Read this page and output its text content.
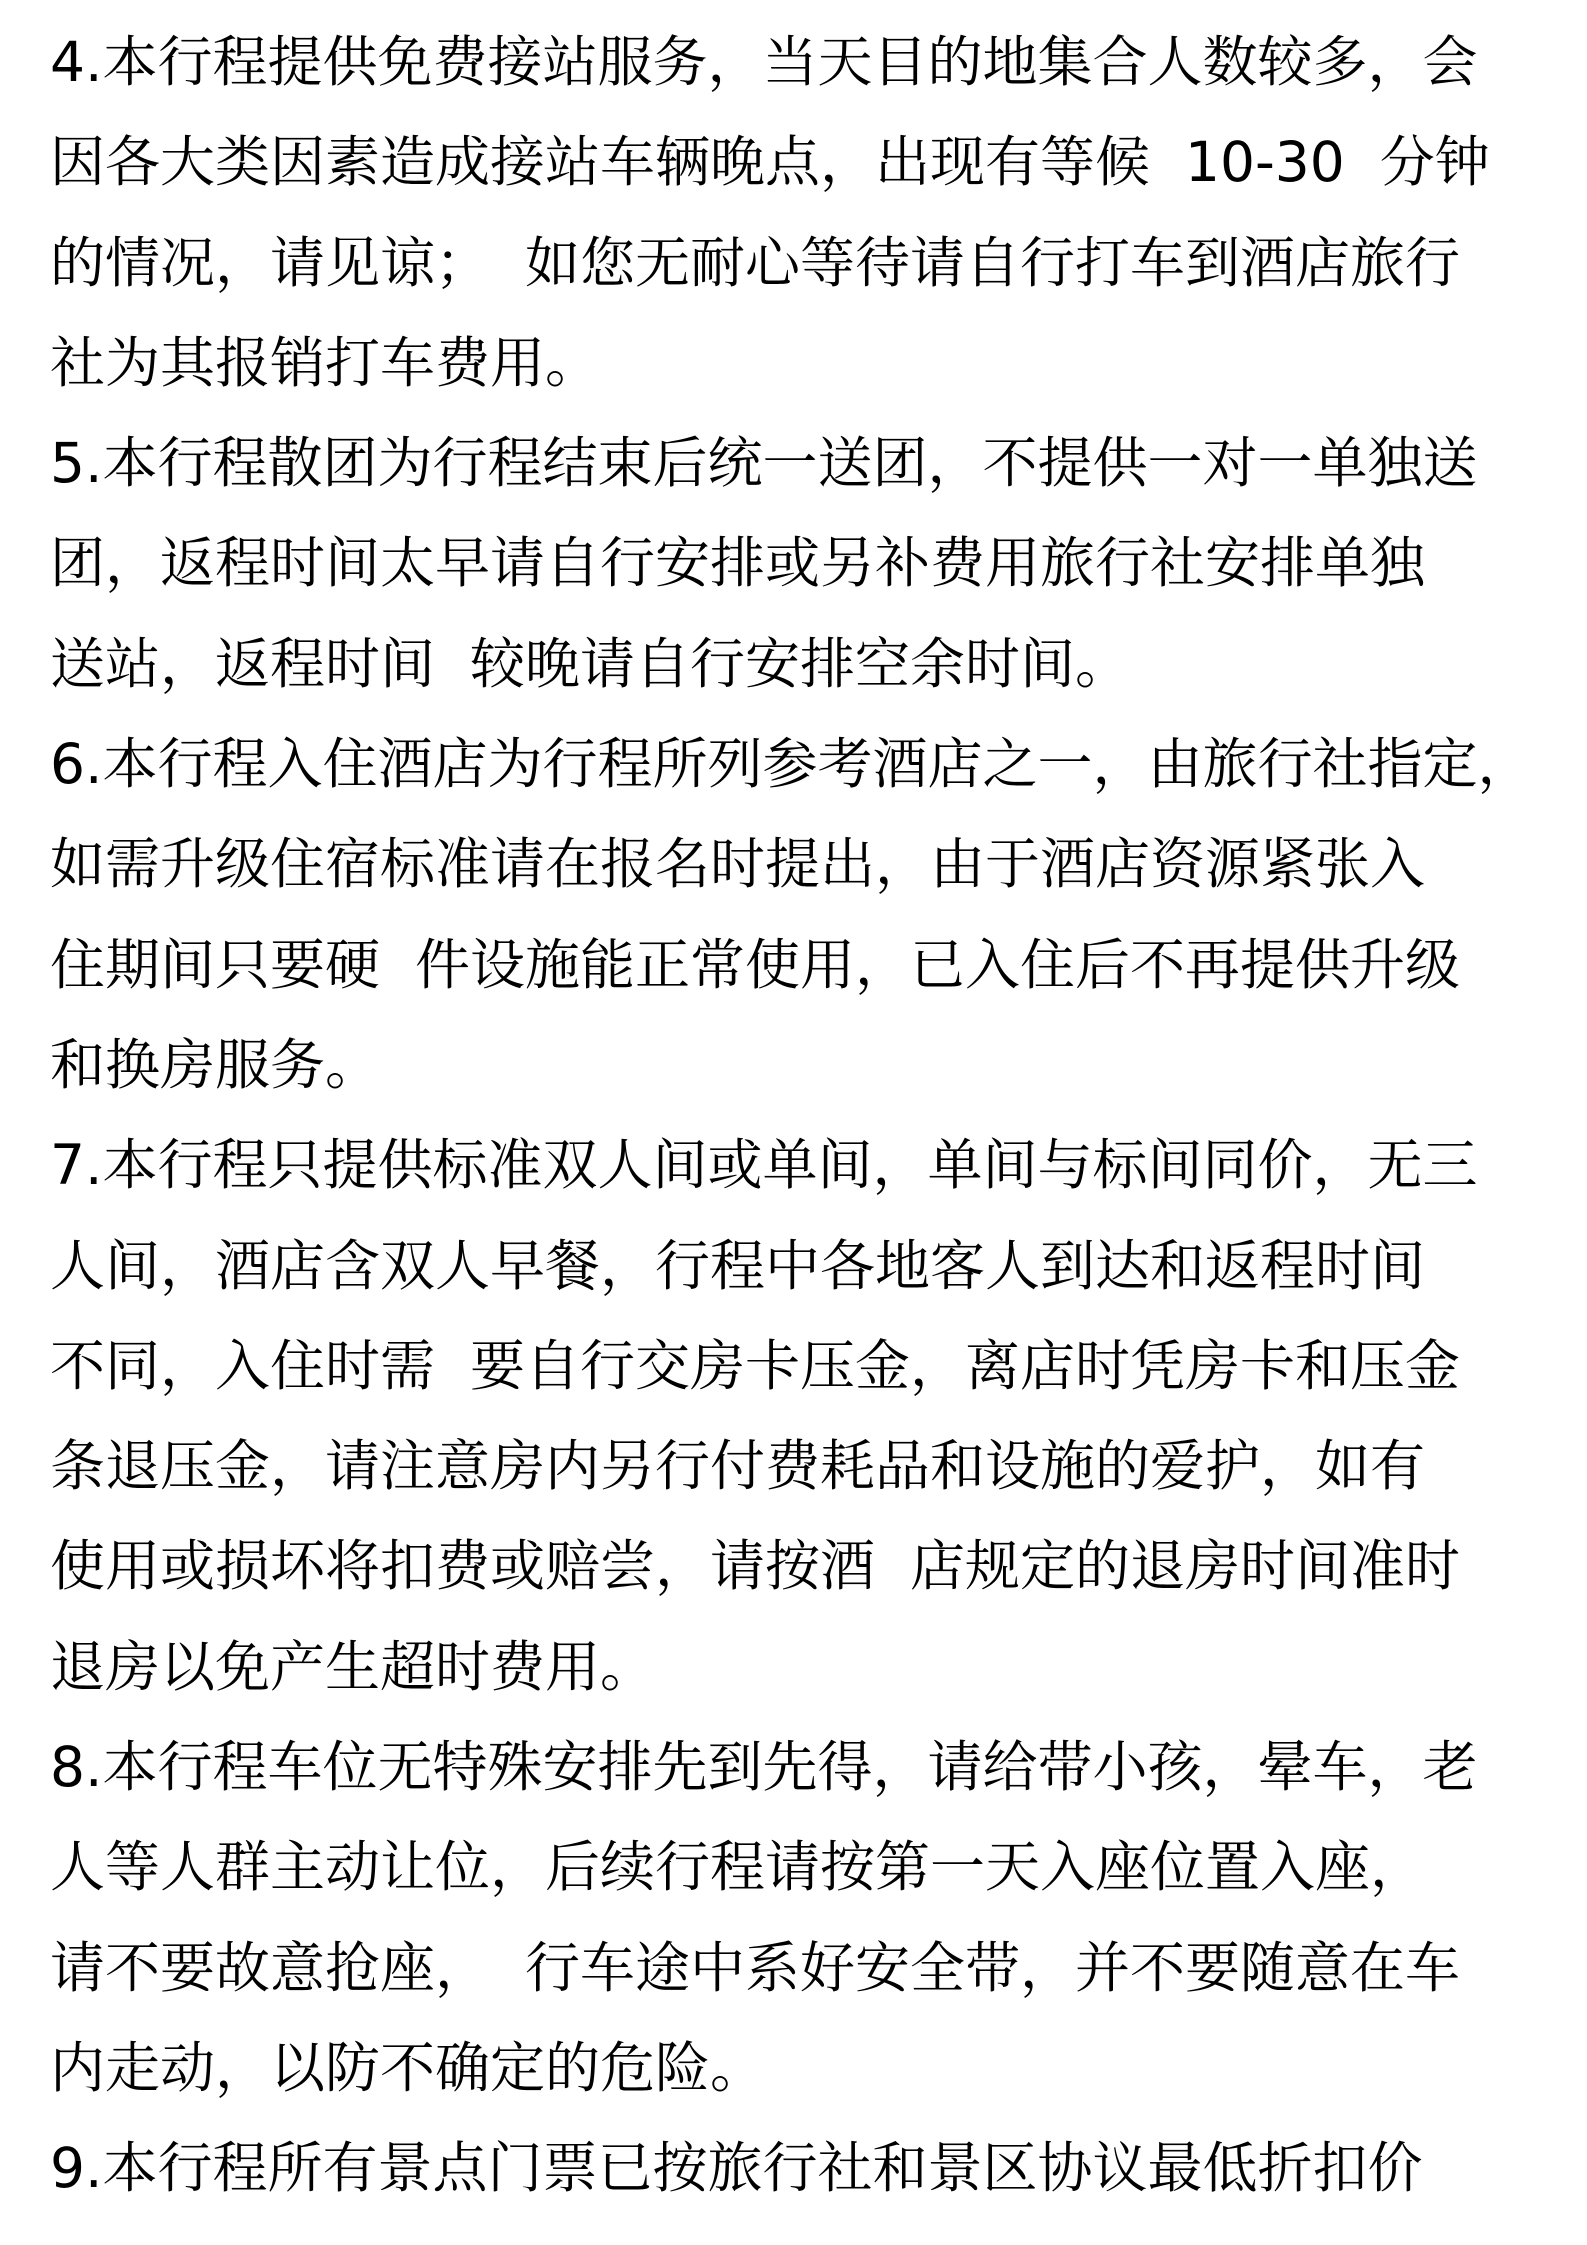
4.本行程提供免费接站服务，当天目的地集合人数较多，会
因各大类因素造成接站车辆晚点，出现有等候  10-30  分钟
的情况，请见谅；  如您无耐心等待请自行打车到酒店旅行
社为其报销打车费用。
5.本行程散团为行程结束后统一送团，不提供一对一单独送
团，返程时间太早请自行安排或另补费用旅行社安排单独
送站，返程时间  较晚请自行安排空余时间。
6.本行程入住酒店为行程所列参考酒店之一，由旅行社指定，
如需升级住宿标准请在报名时提出，由于酒店资源紧张入
住期间只要硬  件设施能正常使用，已入住后不再提供升级
和换房服务。
7.本行程只提供标准双人间或单间，单间与标间同价，无三
人间，酒店含双人早餐，行程中各地客人到达和返程时间
不同，入住时需  要自行交房卡压金，离店时凭房卡和压金
条退压金，请注意房内另行付费耗品和设施的爱护，如有
使用或损坏将扣费或赔尝，请按酒  店规定的退房时间准时
退房以免产生超时费用。
8.本行程车位无特殊安排先到先得，请给带小孩，晕车，老
人等人群主动让位，后续行程请按第一天入座位置入座，
请不要故意抢座，  行车途中系好安全带，并不要随意在车
内走动，以防不确定的危险。
9.本行程所有景点门票已按旅行社和景区协议最低折扣价
